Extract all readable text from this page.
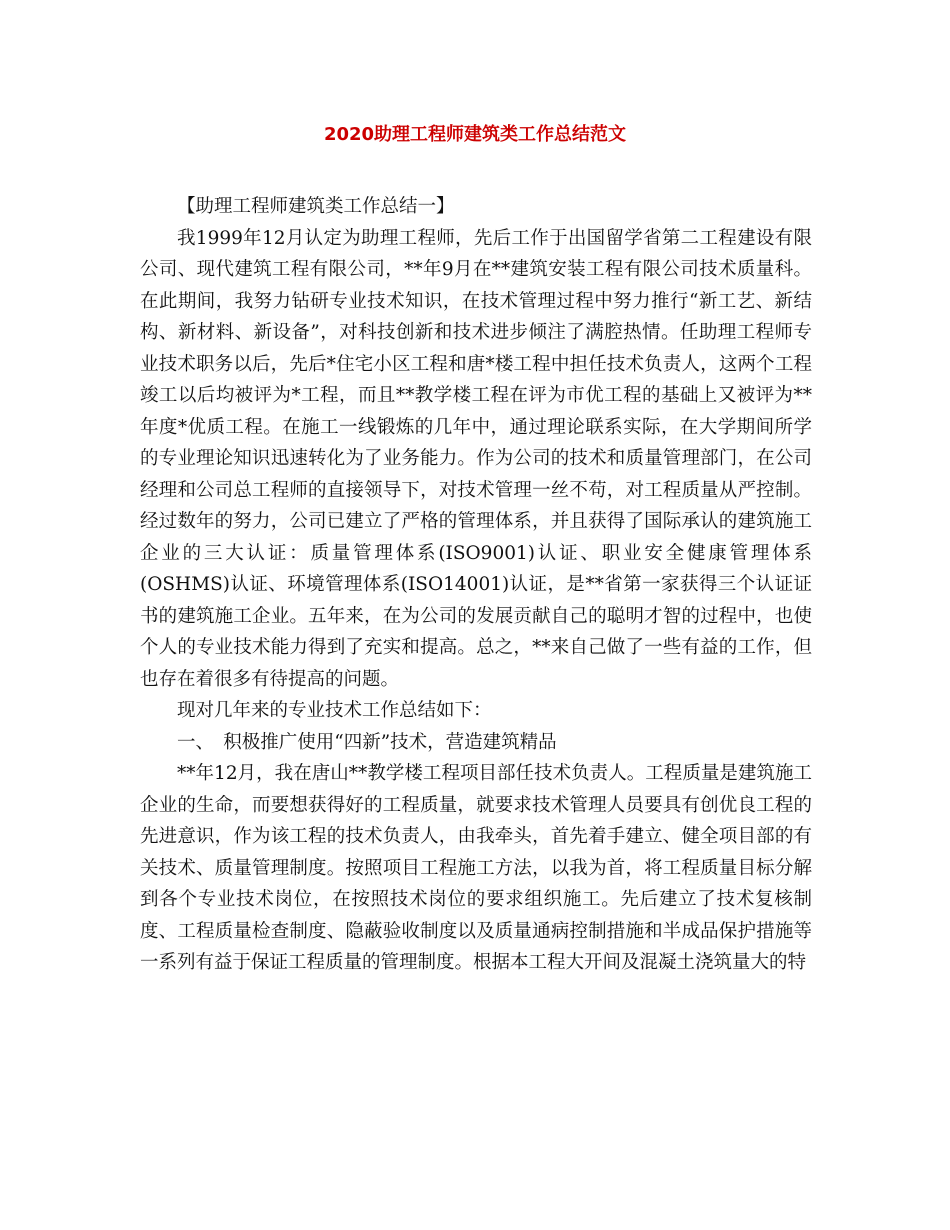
2020助理工程师建筑类工作总结范文

【助理工程师建筑类工作总结一】

我1999年12月认定为助理工程师，先后工作于出国留学省第二工程建设有限公司、现代建筑工程有限公司，**年9月在**建筑安装工程有限公司技术质量科。在此期间，我努力钻研专业技术知识，在技术管理过程中努力推行“新工艺、新结构、新材料、新设备”，对科技创新和技术进步倾注了满腔热情。任助理工程师专业技术职务以后，先后*住宅小区工程和唐*楼工程中担任技术负责人，这两个工程竣工以后均被评为*工程，而且**教学楼工程在评为市优工程的基础上又被评为**年度*优质工程。在施工一线锻炼的几年中，通过理论联系实际，在大学期间所学的专业理论知识迅速转化为了业务能力。作为公司的技术和质量管理部门，在公司经理和公司总工程师的直接领导下，对技术管理一丝不苟，对工程质量从严控制。经过数年的努力，公司已建立了严格的管理体系，并且获得了国际承认的建筑施工企业的三大认证：质量管理体系(ISO9001)认证、职业安全健康管理体系(OSHMS)认证、环境管理体系(ISO14001)认证，是**省第一家获得三个认证证书的建筑施工企业。五年来，在为公司的发展贡献自己的聪明才智的过程中，也使个人的专业技术能力得到了充实和提高。总之，**来自己做了一些有益的工作，但也存在着很多有待提高的问题。

现对几年来的专业技术工作总结如下：

一、　积极推广使用“四新”技术，营造建筑精品

**年12月，我在唐山**教学楼工程项目部任技术负责人。工程质量是建筑施工企业的生命，而要想获得好的工程质量，就要求技术管理人员要具有创优良工程的先进意识，作为该工程的技术负责人，由我牵头，首先着手建立、健全项目部的有关技术、质量管理制度。按照项目工程施工方法，以我为首，将工程质量目标分解到各个专业技术岗位，在按照技术岗位的要求组织施工。先后建立了技术复核制度、工程质量检查制度、隐蔽验收制度以及质量通病控制措施和半成品保护措施等一系列有益于保证工程质量的管理制度。根据本工程大开间及混凝土浇筑量大的特
